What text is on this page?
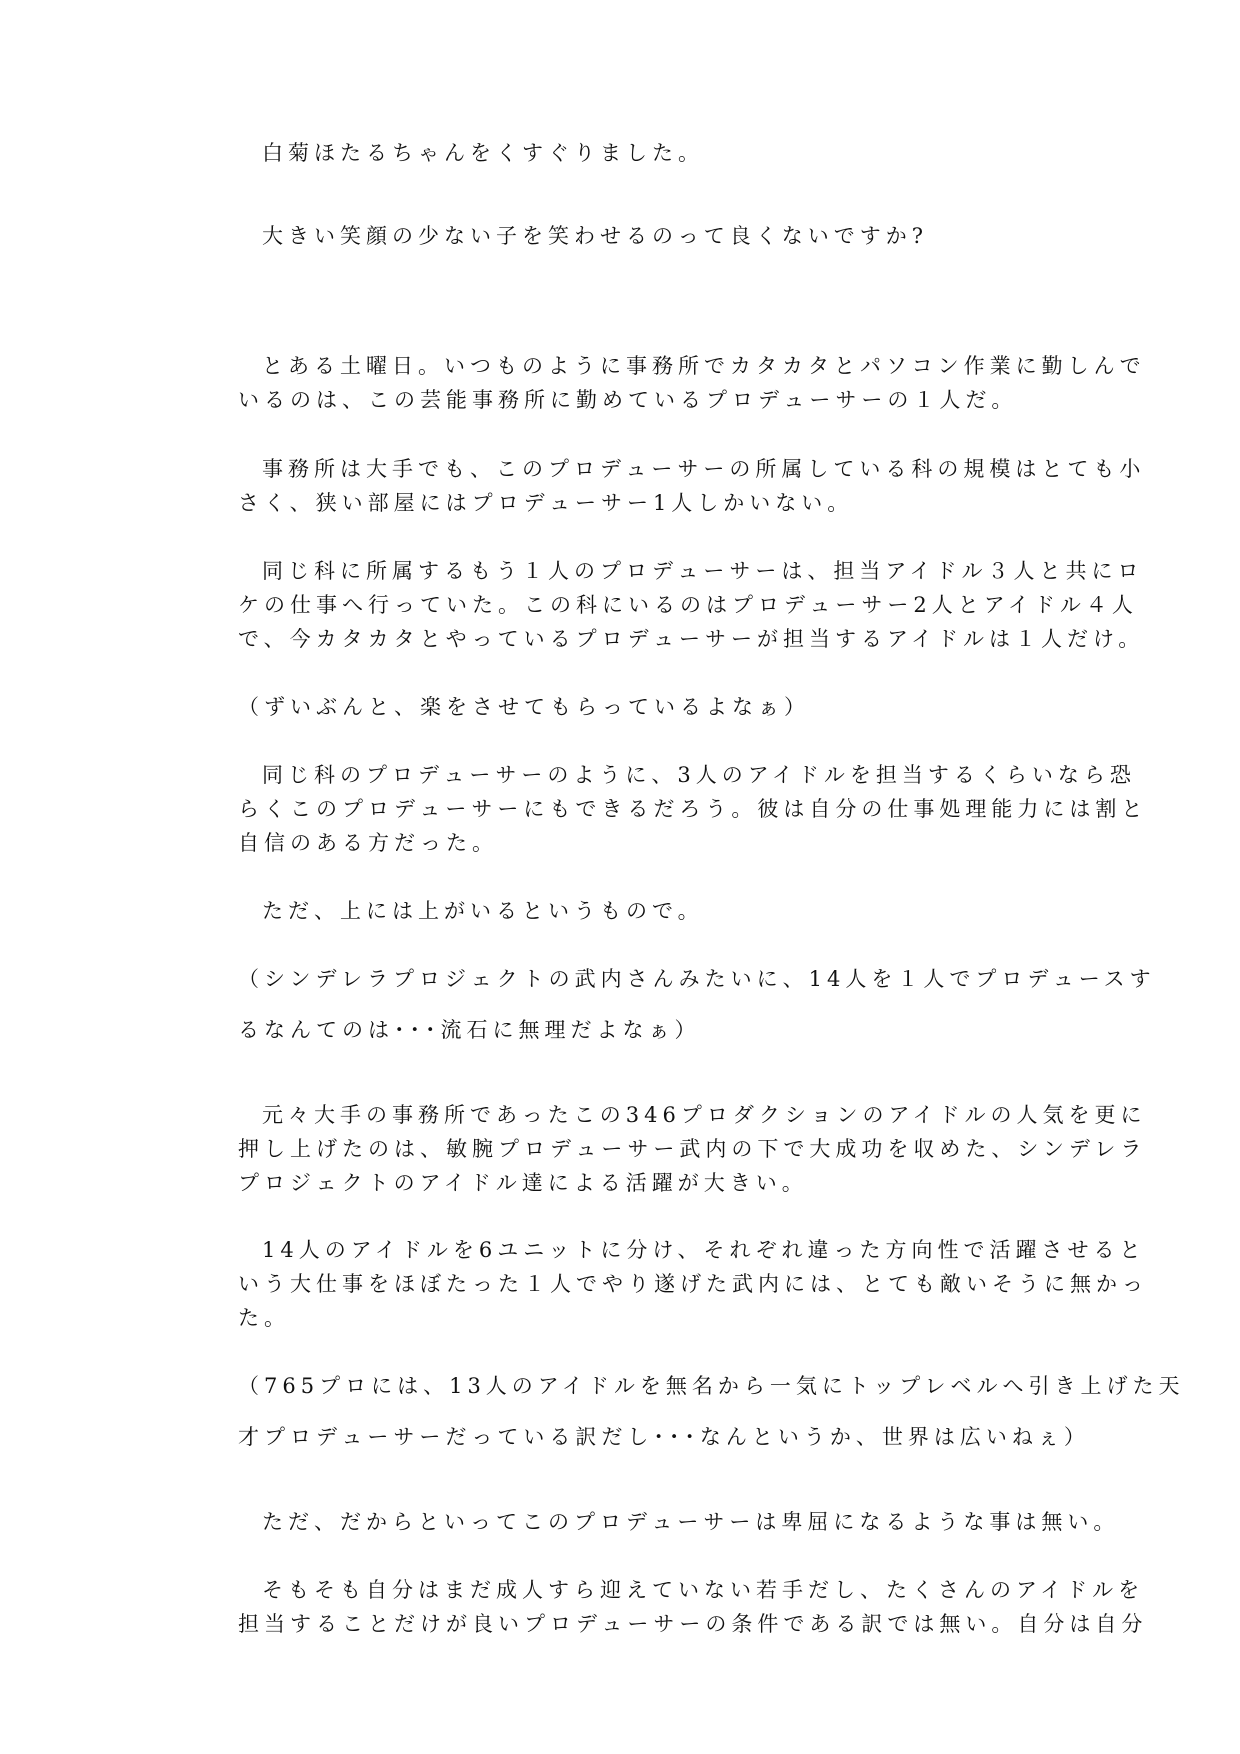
白菊ほたるちゃんをくすぐりました。
大きい笑顔の少ない子を笑わせるのって良くないですか?
とある土曜日。いつものように事務所でカタカタとパソコン作業に勤しんで
いるのは、この芸能事務所に勤めているプロデューサーの１人だ。
事務所は大手でも、このプロデューサーの所属している科の規模はとても小
さく、狭い部屋にはプロデューサー1人しかいない。
同じ科に所属するもう１人のプロデューサーは、担当アイドル３人と共にロ
ケの仕事へ行っていた。この科にいるのはプロデューサー2人とアイドル４人
で、今カタカタとやっているプロデューサーが担当するアイドルは１人だけ。
（ずいぶんと、楽をさせてもらっているよなぁ）
同じ科のプロデューサーのように、3人のアイドルを担当するくらいなら恐
らくこのプロデューサーにもできるだろう。彼は自分の仕事処理能力には割と
自信のある方だった。
ただ、上には上がいるというもので。
（シンデレラプロジェクトの武内さんみたいに、14人を１人でプロデュースす
るなんてのは･･･流石に無理だよなぁ）
元々大手の事務所であったこの346プロダクションのアイドルの人気を更に
押し上げたのは、敏腕プロデューサー武内の下で大成功を収めた、シンデレラ
プロジェクトのアイドル達による活躍が大きい。
14人のアイドルを6ユニットに分け、それぞれ違った方向性で活躍させると
いう大仕事をほぼたった１人でやり遂げた武内には、とても敵いそうに無かっ
た。
（765プロには、13人のアイドルを無名から一気にトップレベルへ引き上げた天
才プロデューサーだっている訳だし･･･なんというか、世界は広いねぇ）
ただ、だからといってこのプロデューサーは卑屈になるような事は無い。
そもそも自分はまだ成人すら迎えていない若手だし、たくさんのアイドルを
担当することだけが良いプロデューサーの条件である訳では無い。自分は自分
